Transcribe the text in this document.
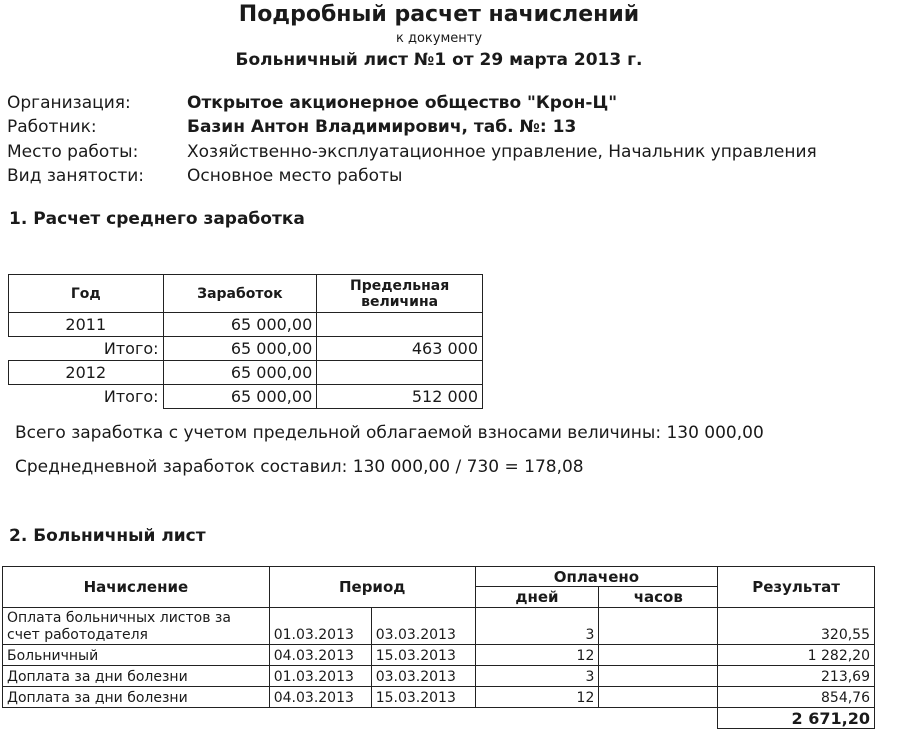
Подробный расчет начислений
к документу
Больничный лист №1 от 29 марта 2013 г.
Организация:	Открытое акционерное общество "Крон-Ц"
Работник:	Базин Антон Владимирович, таб. №: 13
Место работы:	Хозяйственно-эксплуатационное управление, Начальник управления
Вид занятости:	Основное место работы
1. Расчет среднего заработка
Год	Заработок	Предельная величина
2011	65 000,00	
Итого:	65 000,00	463 000
2012	65 000,00	
Итого:	65 000,00	512 000
Всего заработка с учетом предельной облагаемой взносами величины: 130 000,00
Среднедневной заработок составил: 130 000,00 / 730 = 178,08
2. Больничный лист
Начисление	Период		Оплачено		Результат
			дней	часов	
Оплата больничных листов за счет работодателя	01.03.2013	03.03.2013	3		320,55
Больничный	04.03.2013	15.03.2013	12		1 282,20
Доплата за дни болезни	01.03.2013	03.03.2013	3		213,69
Доплата за дни болезни	04.03.2013	15.03.2013	12		854,76
					2 671,20
